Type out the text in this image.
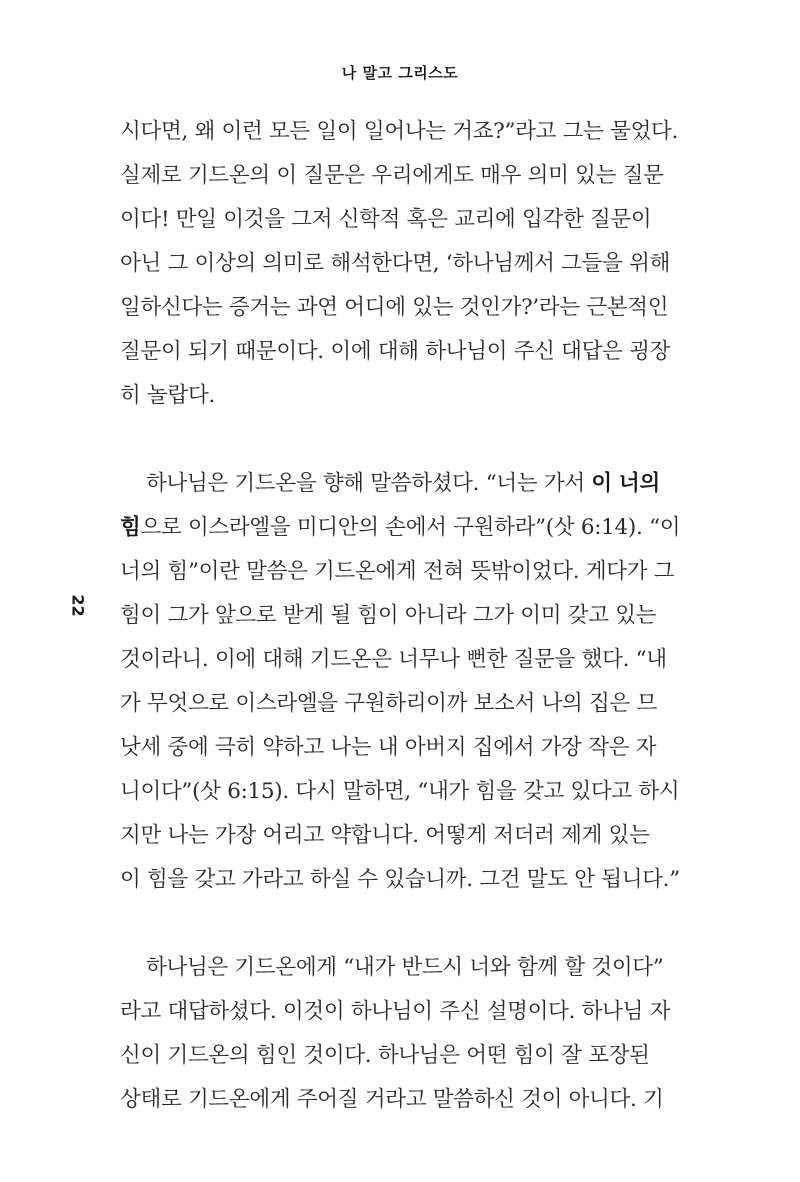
나 말고 그리스도
22
시다면, 왜 이런 모든 일이 일어나는 거죠?”라고 그는 물었다.
실제로 기드온의 이 질문은 우리에게도 매우 의미 있는 질문
이다! 만일 이것을 그저 신학적 혹은 교리에 입각한 질문이
아닌 그 이상의 의미로 해석한다면, ‘하나님께서 그들을 위해
일하신다는 증거는 과연 어디에 있는 것인가?’라는 근본적인
질문이 되기 때문이다. 이에 대해 하나님이 주신 대답은 굉장
히 놀랍다.
하나님은 기드온을 향해 말씀하셨다. “너는 가서 이 너의
힘으로 이스라엘을 미디안의 손에서 구원하라”(삿 6:14). “이
너의 힘”이란 말씀은 기드온에게 전혀 뜻밖이었다. 게다가 그
힘이 그가 앞으로 받게 될 힘이 아니라 그가 이미 갖고 있는
것이라니. 이에 대해 기드온은 너무나 뻔한 질문을 했다. “내
가 무엇으로 이스라엘을 구원하리이까 보소서 나의 집은 므
낫세 중에 극히 약하고 나는 내 아버지 집에서 가장 작은 자
니이다”(삿 6:15). 다시 말하면, “내가 힘을 갖고 있다고 하시
지만 나는 가장 어리고 약합니다. 어떻게 저더러 제게 있는
이 힘을 갖고 가라고 하실 수 있습니까. 그건 말도 안 됩니다.”
하나님은 기드온에게 “내가 반드시 너와 함께 할 것이다”
라고 대답하셨다. 이것이 하나님이 주신 설명이다. 하나님 자
신이 기드온의 힘인 것이다. 하나님은 어떤 힘이 잘 포장된
상태로 기드온에게 주어질 거라고 말씀하신 것이 아니다. 기
